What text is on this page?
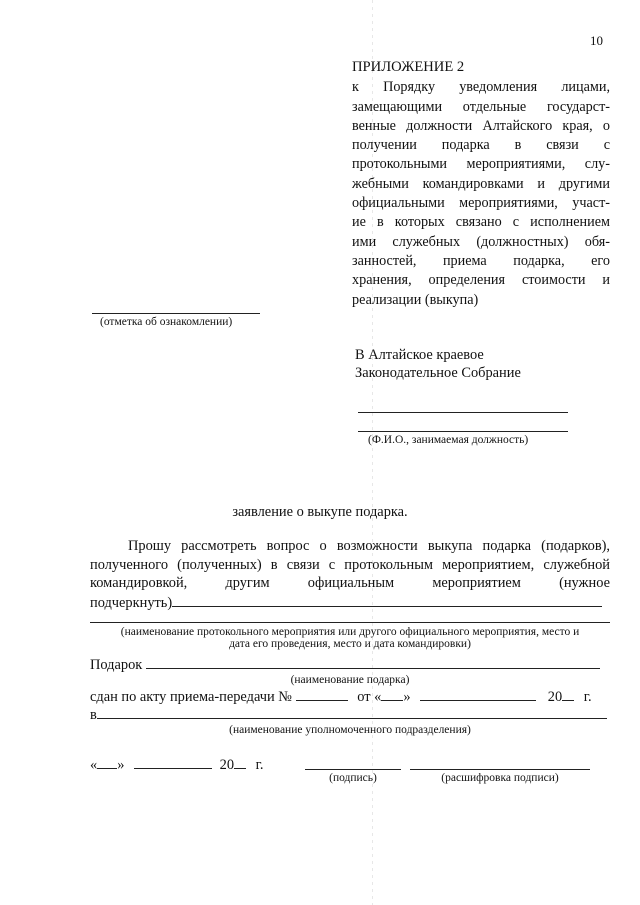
10
ПРИЛОЖЕНИЕ 2

к Порядку уведомления лицами,
замещающими отдельные государст-
венные должности Алтайского края, о
получении подарка в связи с
протокольными мероприятиями, слу-
жебными командировками и другими
официальными мероприятиями, участ-
ие в которых связано с исполнением
ими служебных (должностных) обя-
занностей, приема подарка, его
хранения, определения стоимости и
реализации (выкупа)

(отметка об ознакомлении)
В Алтайское краевое
Законодательное Собрание
(Ф.И.О., занимаемая должность)
заявление о выкупе подарка.
Прошу рассмотреть вопрос о возможности выкупа подарка (подарков),
полученного (полученных) в связи с протокольным мероприятием, служебной
командировкой,	другим	официальным	мероприятием	(нужное
подчеркнуть)
(наименование протокольного мероприятия или другого официального мероприятия, место и
дата его проведения, место и дата командировки)
Подарок
(наименование подарка)
сдан по акту приема-передачи №	от « »	20 г.
в
(наименование уполномоченного подразделения)
« »	20 г.
(подпись)	(расшифровка подписи)
